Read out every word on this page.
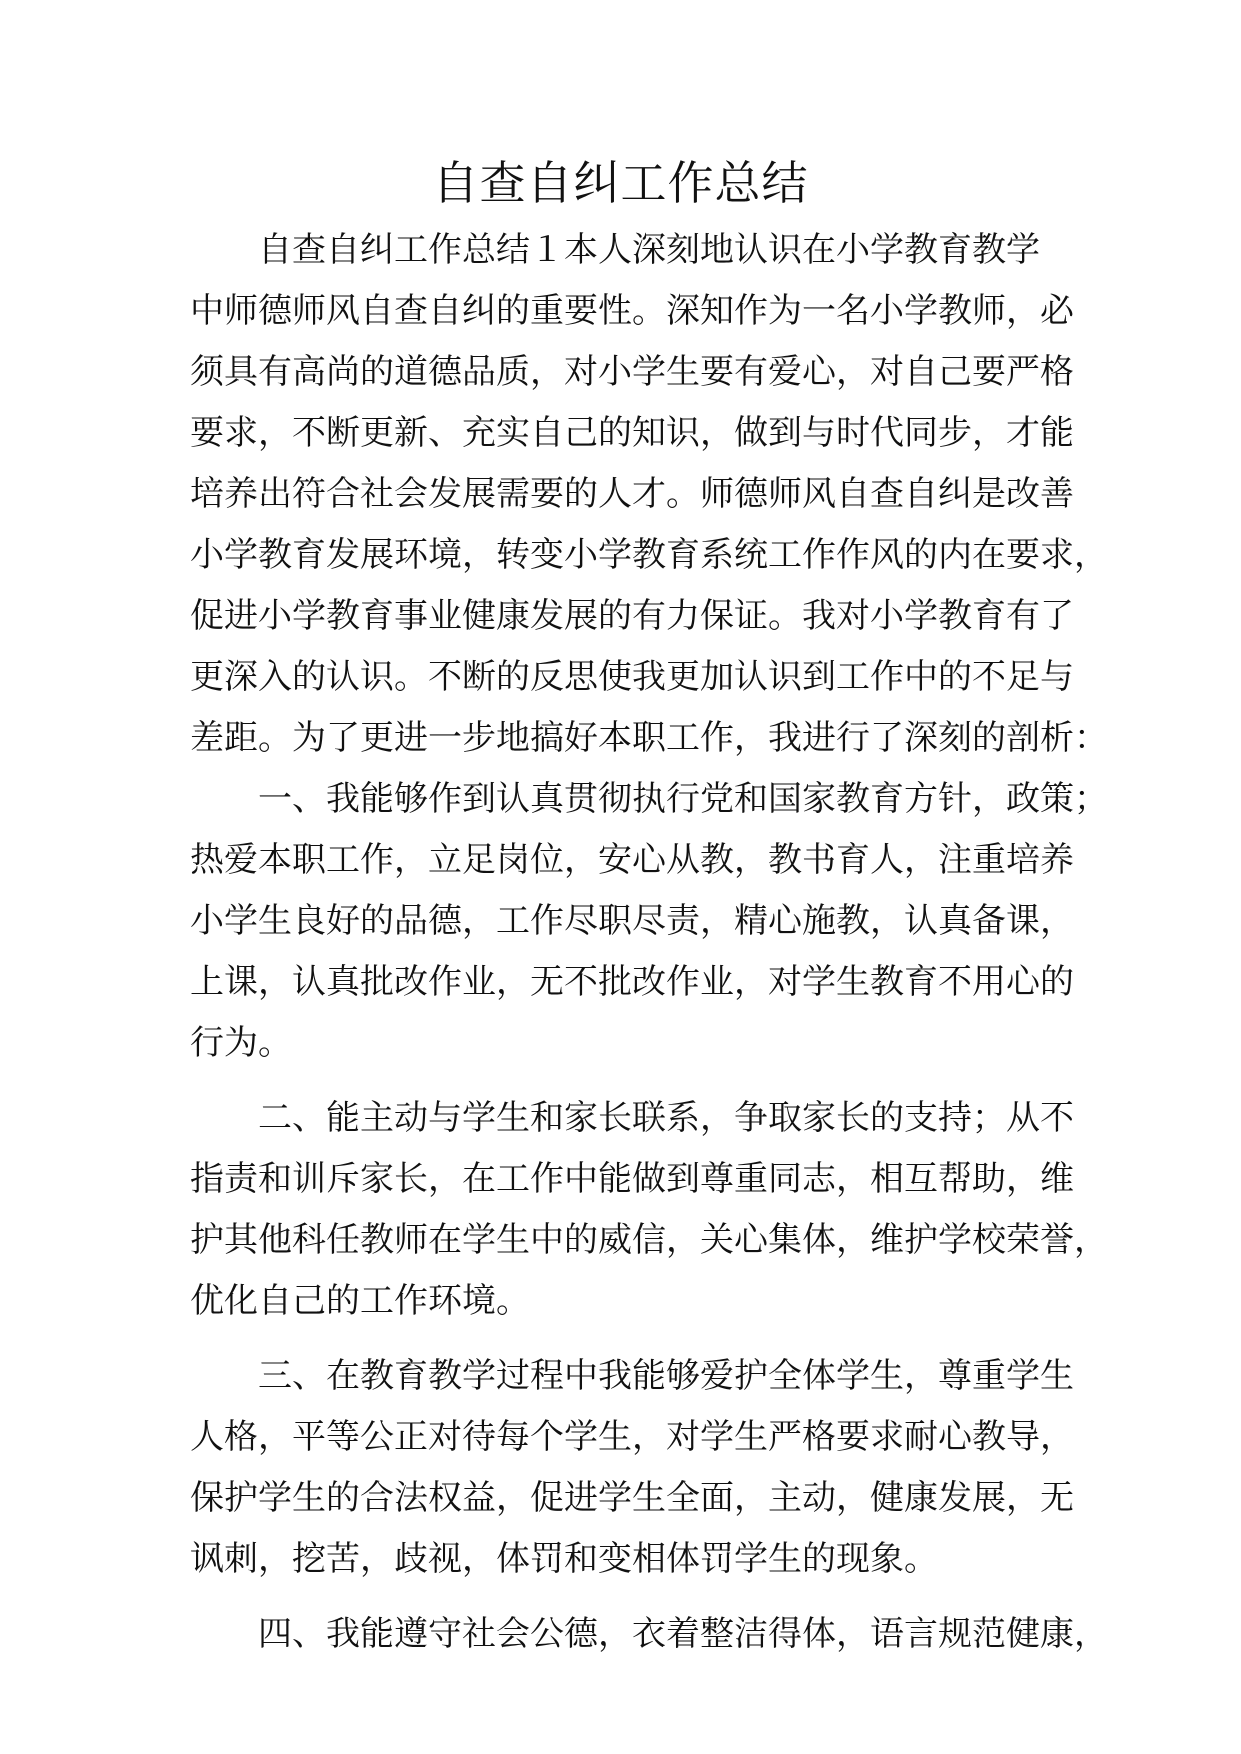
自查自纠工作总结
　　自查自纠工作总结１本人深刻地认识在小学教育教学
中师德师风自查自纠的重要性。深知作为一名小学教师，必
须具有高尚的道德品质，对小学生要有爱心，对自己要严格
要求，不断更新、充实自己的知识，做到与时代同步，才能
培养出符合社会发展需要的人才。师德师风自查自纠是改善
小学教育发展环境，转变小学教育系统工作作风的内在要求，
促进小学教育事业健康发展的有力保证。我对小学教育有了
更深入的认识。不断的反思使我更加认识到工作中的不足与
差距。为了更进一步地搞好本职工作，我进行了深刻的剖析：
　　一、我能够作到认真贯彻执行党和国家教育方针，政策；
热爱本职工作，立足岗位，安心从教，教书育人，注重培养
小学生良好的品德，工作尽职尽责，精心施教，认真备课，
上课，认真批改作业，无不批改作业，对学生教育不用心的
行为。
　　二、能主动与学生和家长联系，争取家长的支持；从不
指责和训斥家长，在工作中能做到尊重同志，相互帮助，维
护其他科任教师在学生中的威信，关心集体，维护学校荣誉，
优化自己的工作环境。
　　三、在教育教学过程中我能够爱护全体学生，尊重学生
人格，平等公正对待每个学生，对学生严格要求耐心教导，
保护学生的合法权益，促进学生全面，主动，健康发展，无
讽刺，挖苦，歧视，体罚和变相体罚学生的现象。
　　四、我能遵守社会公德，衣着整洁得体，语言规范健康，
